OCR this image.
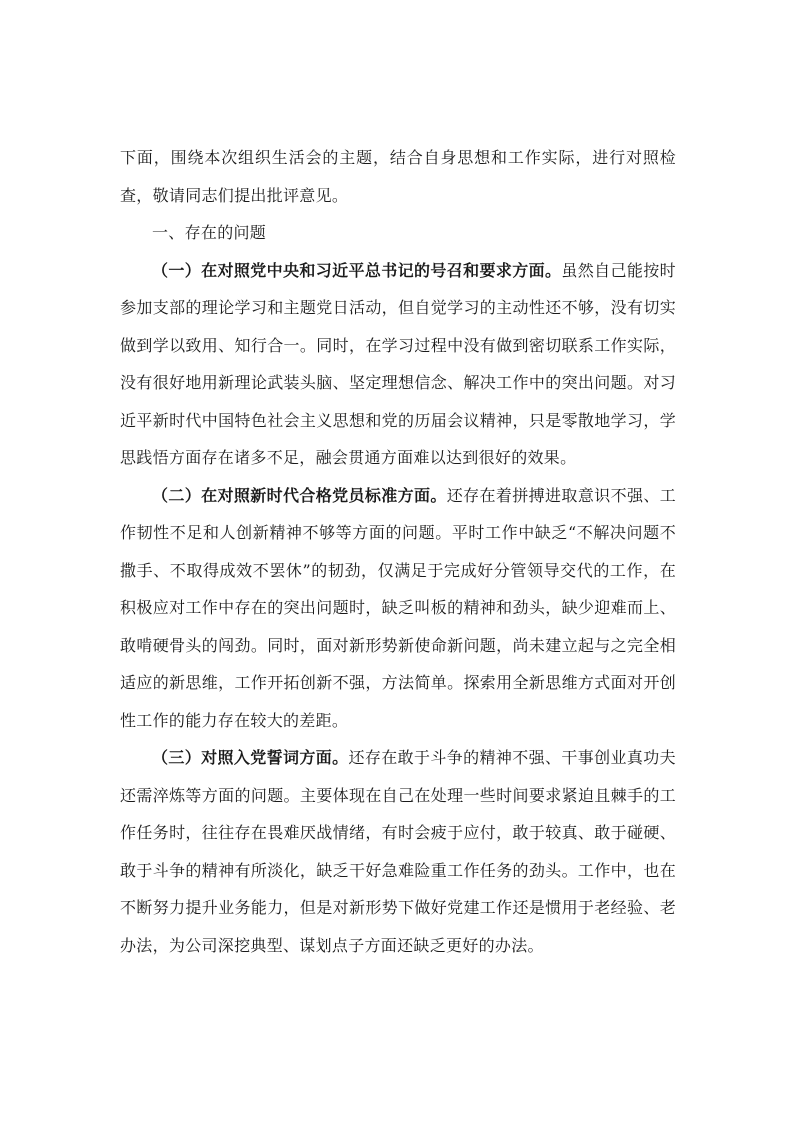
下面，围绕本次组织生活会的主题，结合自身思想和工作实际，进行对照检查，敬请同志们提出批评意见。

一、存在的问题

（一）在对照党中央和习近平总书记的号召和要求方面。虽然自己能按时参加支部的理论学习和主题党日活动，但自觉学习的主动性还不够，没有切实做到学以致用、知行合一。同时，在学习过程中没有做到密切联系工作实际，没有很好地用新理论武装头脑、坚定理想信念、解决工作中的突出问题。对习近平新时代中国特色社会主义思想和党的历届会议精神，只是零散地学习，学思践悟方面存在诸多不足，融会贯通方面难以达到很好的效果。

（二）在对照新时代合格党员标准方面。还存在着拼搏进取意识不强、工作韧性不足和人创新精神不够等方面的问题。平时工作中缺乏“不解决问题不撒手、不取得成效不罢休”的韧劲，仅满足于完成好分管领导交代的工作，在积极应对工作中存在的突出问题时，缺乏叫板的精神和劲头，缺少迎难而上、敢啃硬骨头的闯劲。同时，面对新形势新使命新问题，尚未建立起与之完全相适应的新思维，工作开拓创新不强，方法简单。探索用全新思维方式面对开创性工作的能力存在较大的差距。

（三）对照入党誓词方面。还存在敢于斗争的精神不强、干事创业真功夫还需淬炼等方面的问题。主要体现在自己在处理一些时间要求紧迫且棘手的工作任务时，往往存在畏难厌战情绪，有时会疲于应付，敢于较真、敢于碰硬、敢于斗争的精神有所淡化，缺乏干好急难险重工作任务的劲头。工作中，也在不断努力提升业务能力，但是对新形势下做好党建工作还是惯用于老经验、老办法，为公司深挖典型、谋划点子方面还缺乏更好的办法。
